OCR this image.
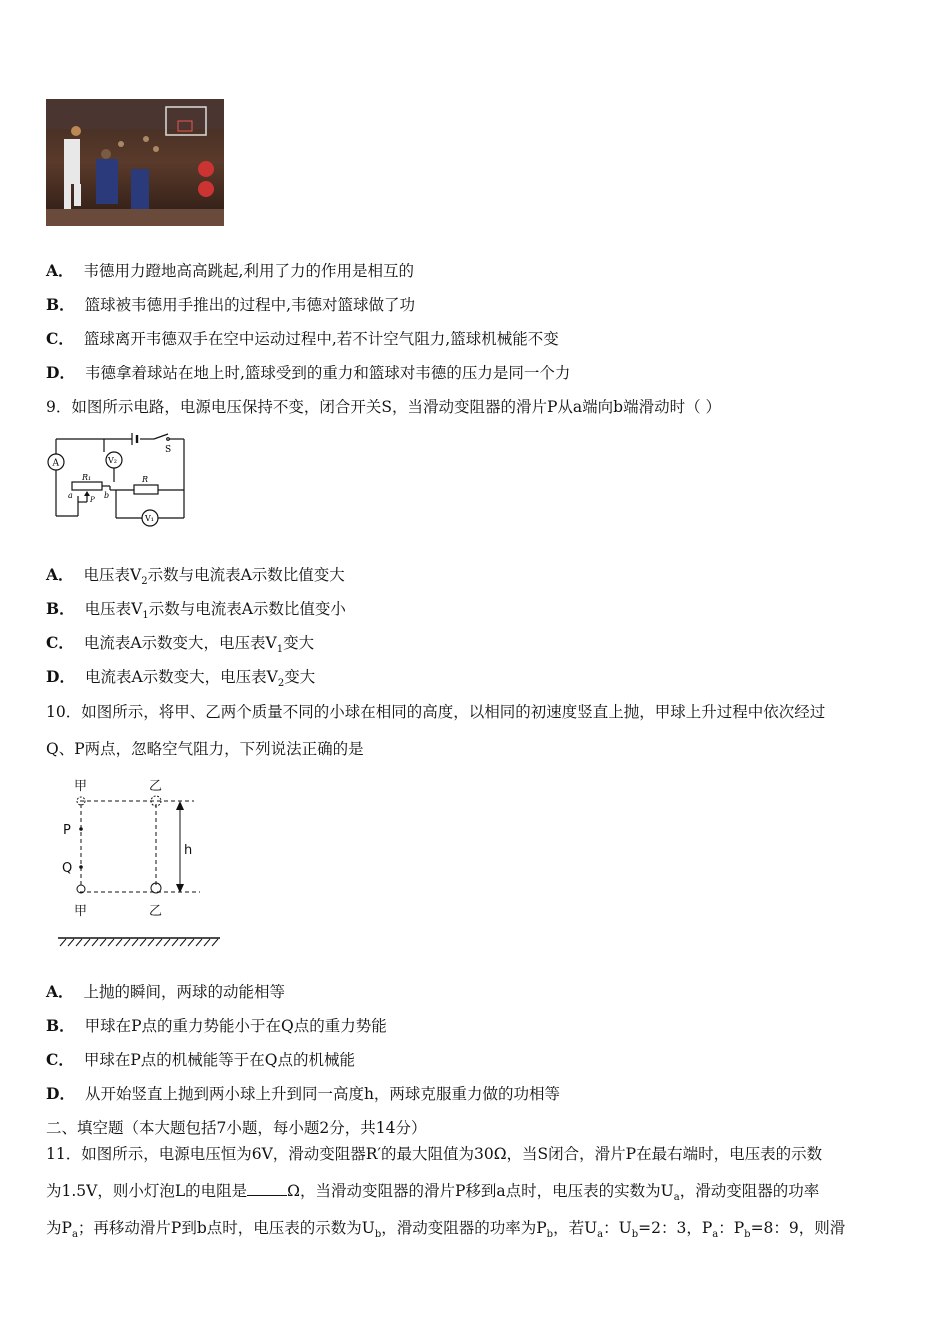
A． 韦德用力蹬地高高跳起,利用了力的作用是相互的
B． 篮球被韦德用手推出的过程中,韦德对篮球做了功
C． 篮球离开韦德双手在空中运动过程中,若不计空气阻力,篮球机械能不变
D． 韦德拿着球站在地上时,篮球受到的重力和篮球对韦德的压力是同一个力
9．如图所示电路，电源电压保持不变，闭合开关S，当滑动变阻器的滑片P从a端向b端滑动时（ ）
A	V₂
V₁
R₁	R
S
a	b
P
A． 电压表$V_2$示数与电流表A示数比值变大
B． 电压表$V_1$示数与电流表A示数比值变小
C． 电流表A示数变大，电压表$V_1$变大
D． 电流表A示数变大，电压表$V_2$变大
10．如图所示，将甲、乙两个质量不同的小球在相同的高度，以相同的初速度竖直上抛，甲球上升过程中依次经过
Q、P两点，忽略空气阻力，下列说法正确的是
甲	乙
P
Q
h
甲	乙
A． 上抛的瞬间，两球的动能相等
B． 甲球在P点的重力势能小于在Q点的重力势能
C． 甲球在P点的机械能等于在Q点的机械能
D． 从开始竖直上抛到两小球上升到同一高度h，两球克服重力做的功相等
二、填空题（本大题包括7小题，每小题2分，共14分）
11．如图所示，电源电压恒为6V，滑动变阻器R′的最大阻值为30Ω，当S闭合，滑片P在最右端时，电压表的示数
为1.5V，则小灯泡L的电阻是	Ω，当滑动变阻器的滑片P移到a点时，电压表的实数为$U_a$，滑动变阻器的功率
为$P_a$；再移动滑片P到b点时，电压表的示数为$U_b$，滑动变阻器的功率为$P_b$，若$U_a$：$U_b=2$：3，$P_a$：$P_b=8$：9，则滑
